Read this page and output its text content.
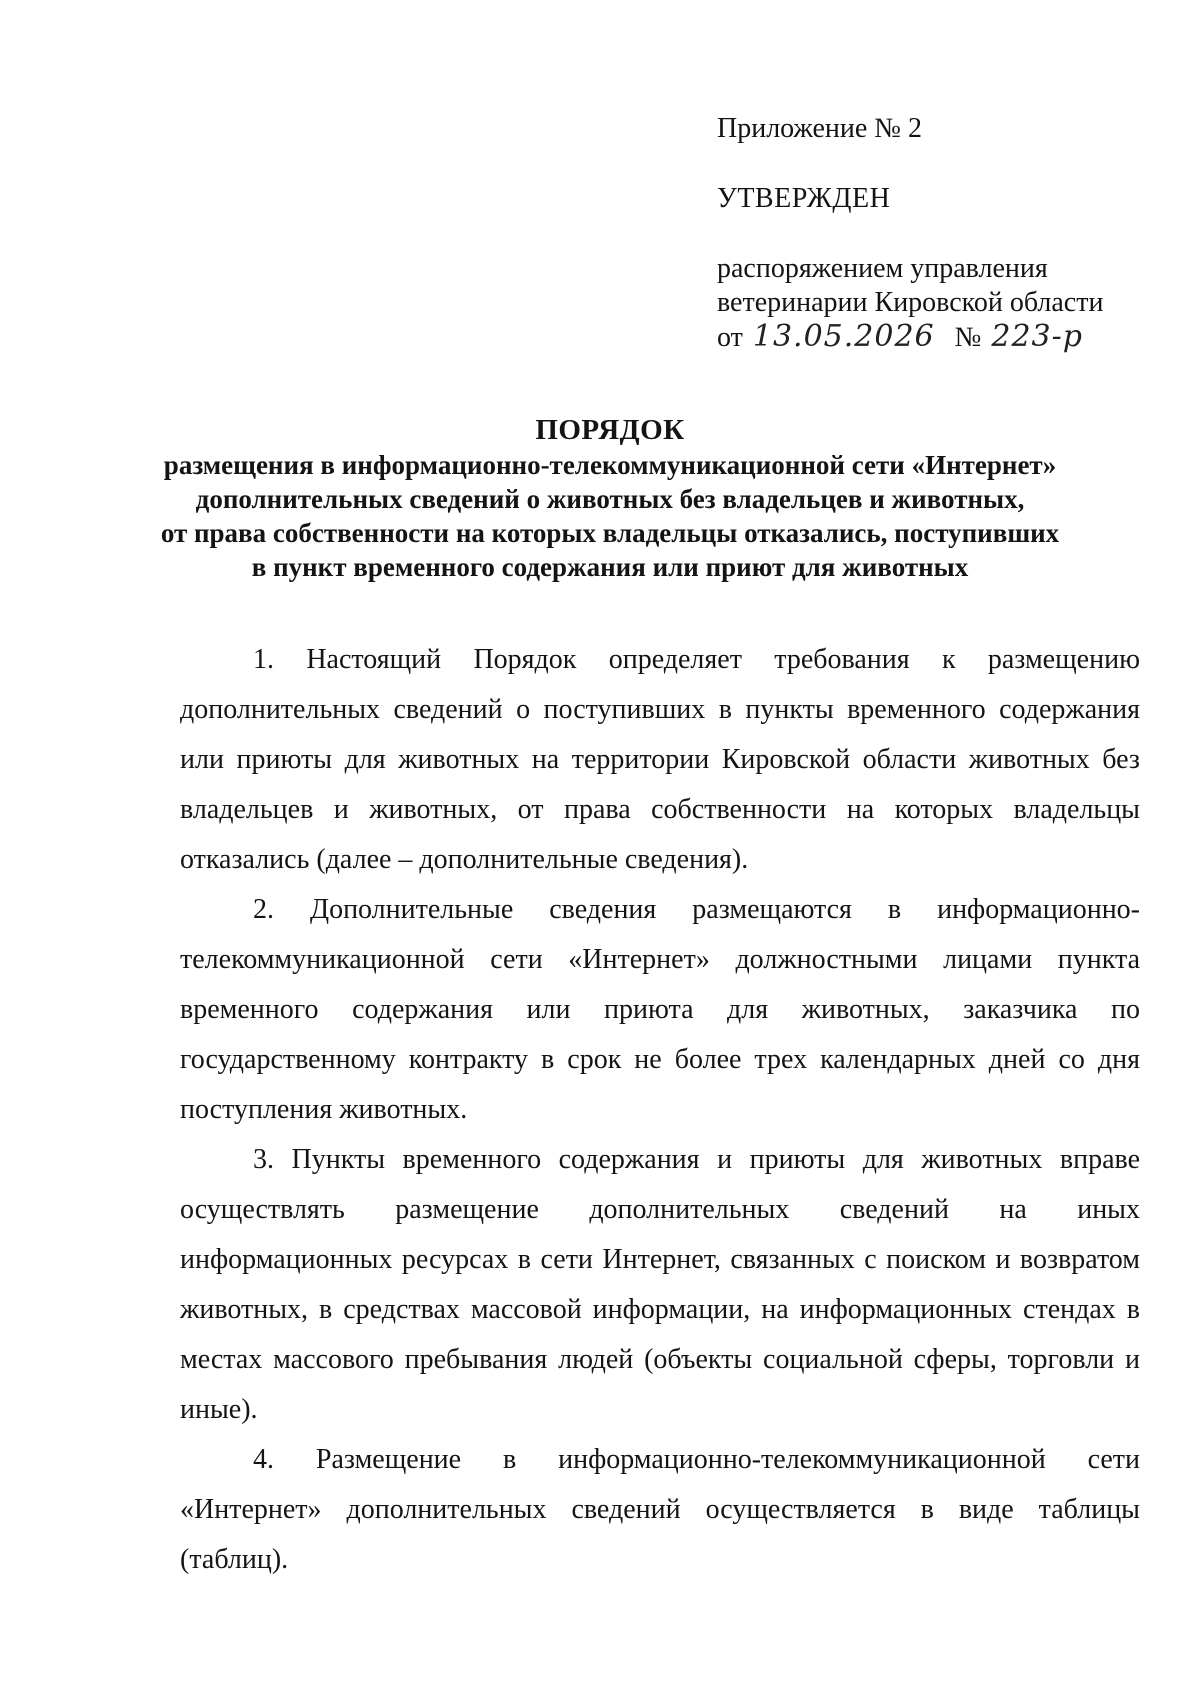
Приложение № 2
УТВЕРЖДЕН
распоряжением управления
ветеринарии Кировской области
от 13.05.2026 № 223-р
ПОРЯДОК
размещения в информационно-телекоммуникационной сети «Интернет»
дополнительных сведений о животных без владельцев и животных,
от права собственности на которых владельцы отказались, поступивших
в пункт временного содержания или приют для животных

1. Настоящий Порядок определяет требования к размещению дополнительных сведений о поступивших в пункты временного содержания или приюты для животных на территории Кировской области животных без владельцев и животных, от права собственности на которых владельцы отказались (далее – дополнительные сведения).

2. Дополнительные сведения размещаются в информационно-телекоммуникационной сети «Интернет» должностными лицами пункта временного содержания или приюта для животных, заказчика по государственному контракту в срок не более трех календарных дней со дня поступления животных.

3. Пункты временного содержания и приюты для животных вправе осуществлять размещение дополнительных сведений на иных информационных ресурсах в сети Интернет, связанных с поиском и возвратом животных, в средствах массовой информации, на информационных стендах в местах массового пребывания людей (объекты социальной сферы, торговли и иные).

4. Размещение в информационно-телекоммуникационной сети «Интернет» дополнительных сведений осуществляется в виде таблицы (таблиц).
